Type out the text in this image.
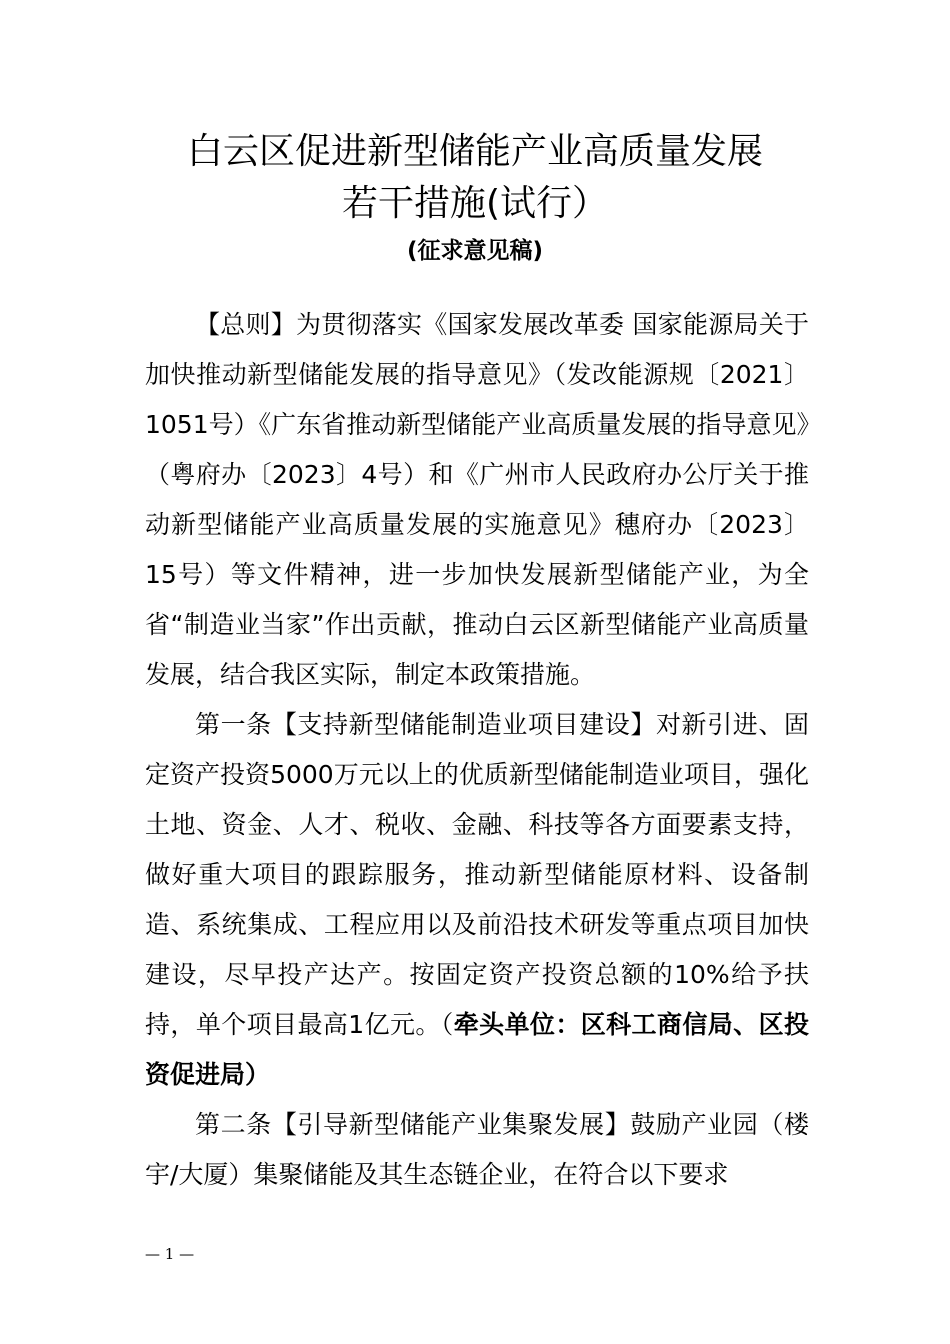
白云区促进新型储能产业高质量发展
若干措施(试行）
(征求意见稿)

【总则】为贯彻落实《国家发展改革委 国家能源局关于加快推动新型储能发展的指导意见》（发改能源规〔2021〕1051号）《广东省推动新型储能产业高质量发展的指导意见》（粤府办〔2023〕4号）和《广州市人民政府办公厅关于推动新型储能产业高质量发展的实施意见》穗府办〔2023〕15号）等文件精神，进一步加快发展新型储能产业，为全省“制造业当家”作出贡献，推动白云区新型储能产业高质量发展，结合我区实际，制定本政策措施。

第一条【支持新型储能制造业项目建设】对新引进、固定资产投资5000万元以上的优质新型储能制造业项目，强化土地、资金、人才、税收、金融、科技等各方面要素支持，做好重大项目的跟踪服务，推动新型储能原材料、设备制造、系统集成、工程应用以及前沿技术研发等重点项目加快建设，尽早投产达产。按固定资产投资总额的10%给予扶持，单个项目最高1亿元。（牵头单位：区科工商信局、区投资促进局）

第二条【引导新型储能产业集聚发展】鼓励产业园（楼宇/大厦）集聚储能及其生态链企业，在符合以下要求

— 1 —
